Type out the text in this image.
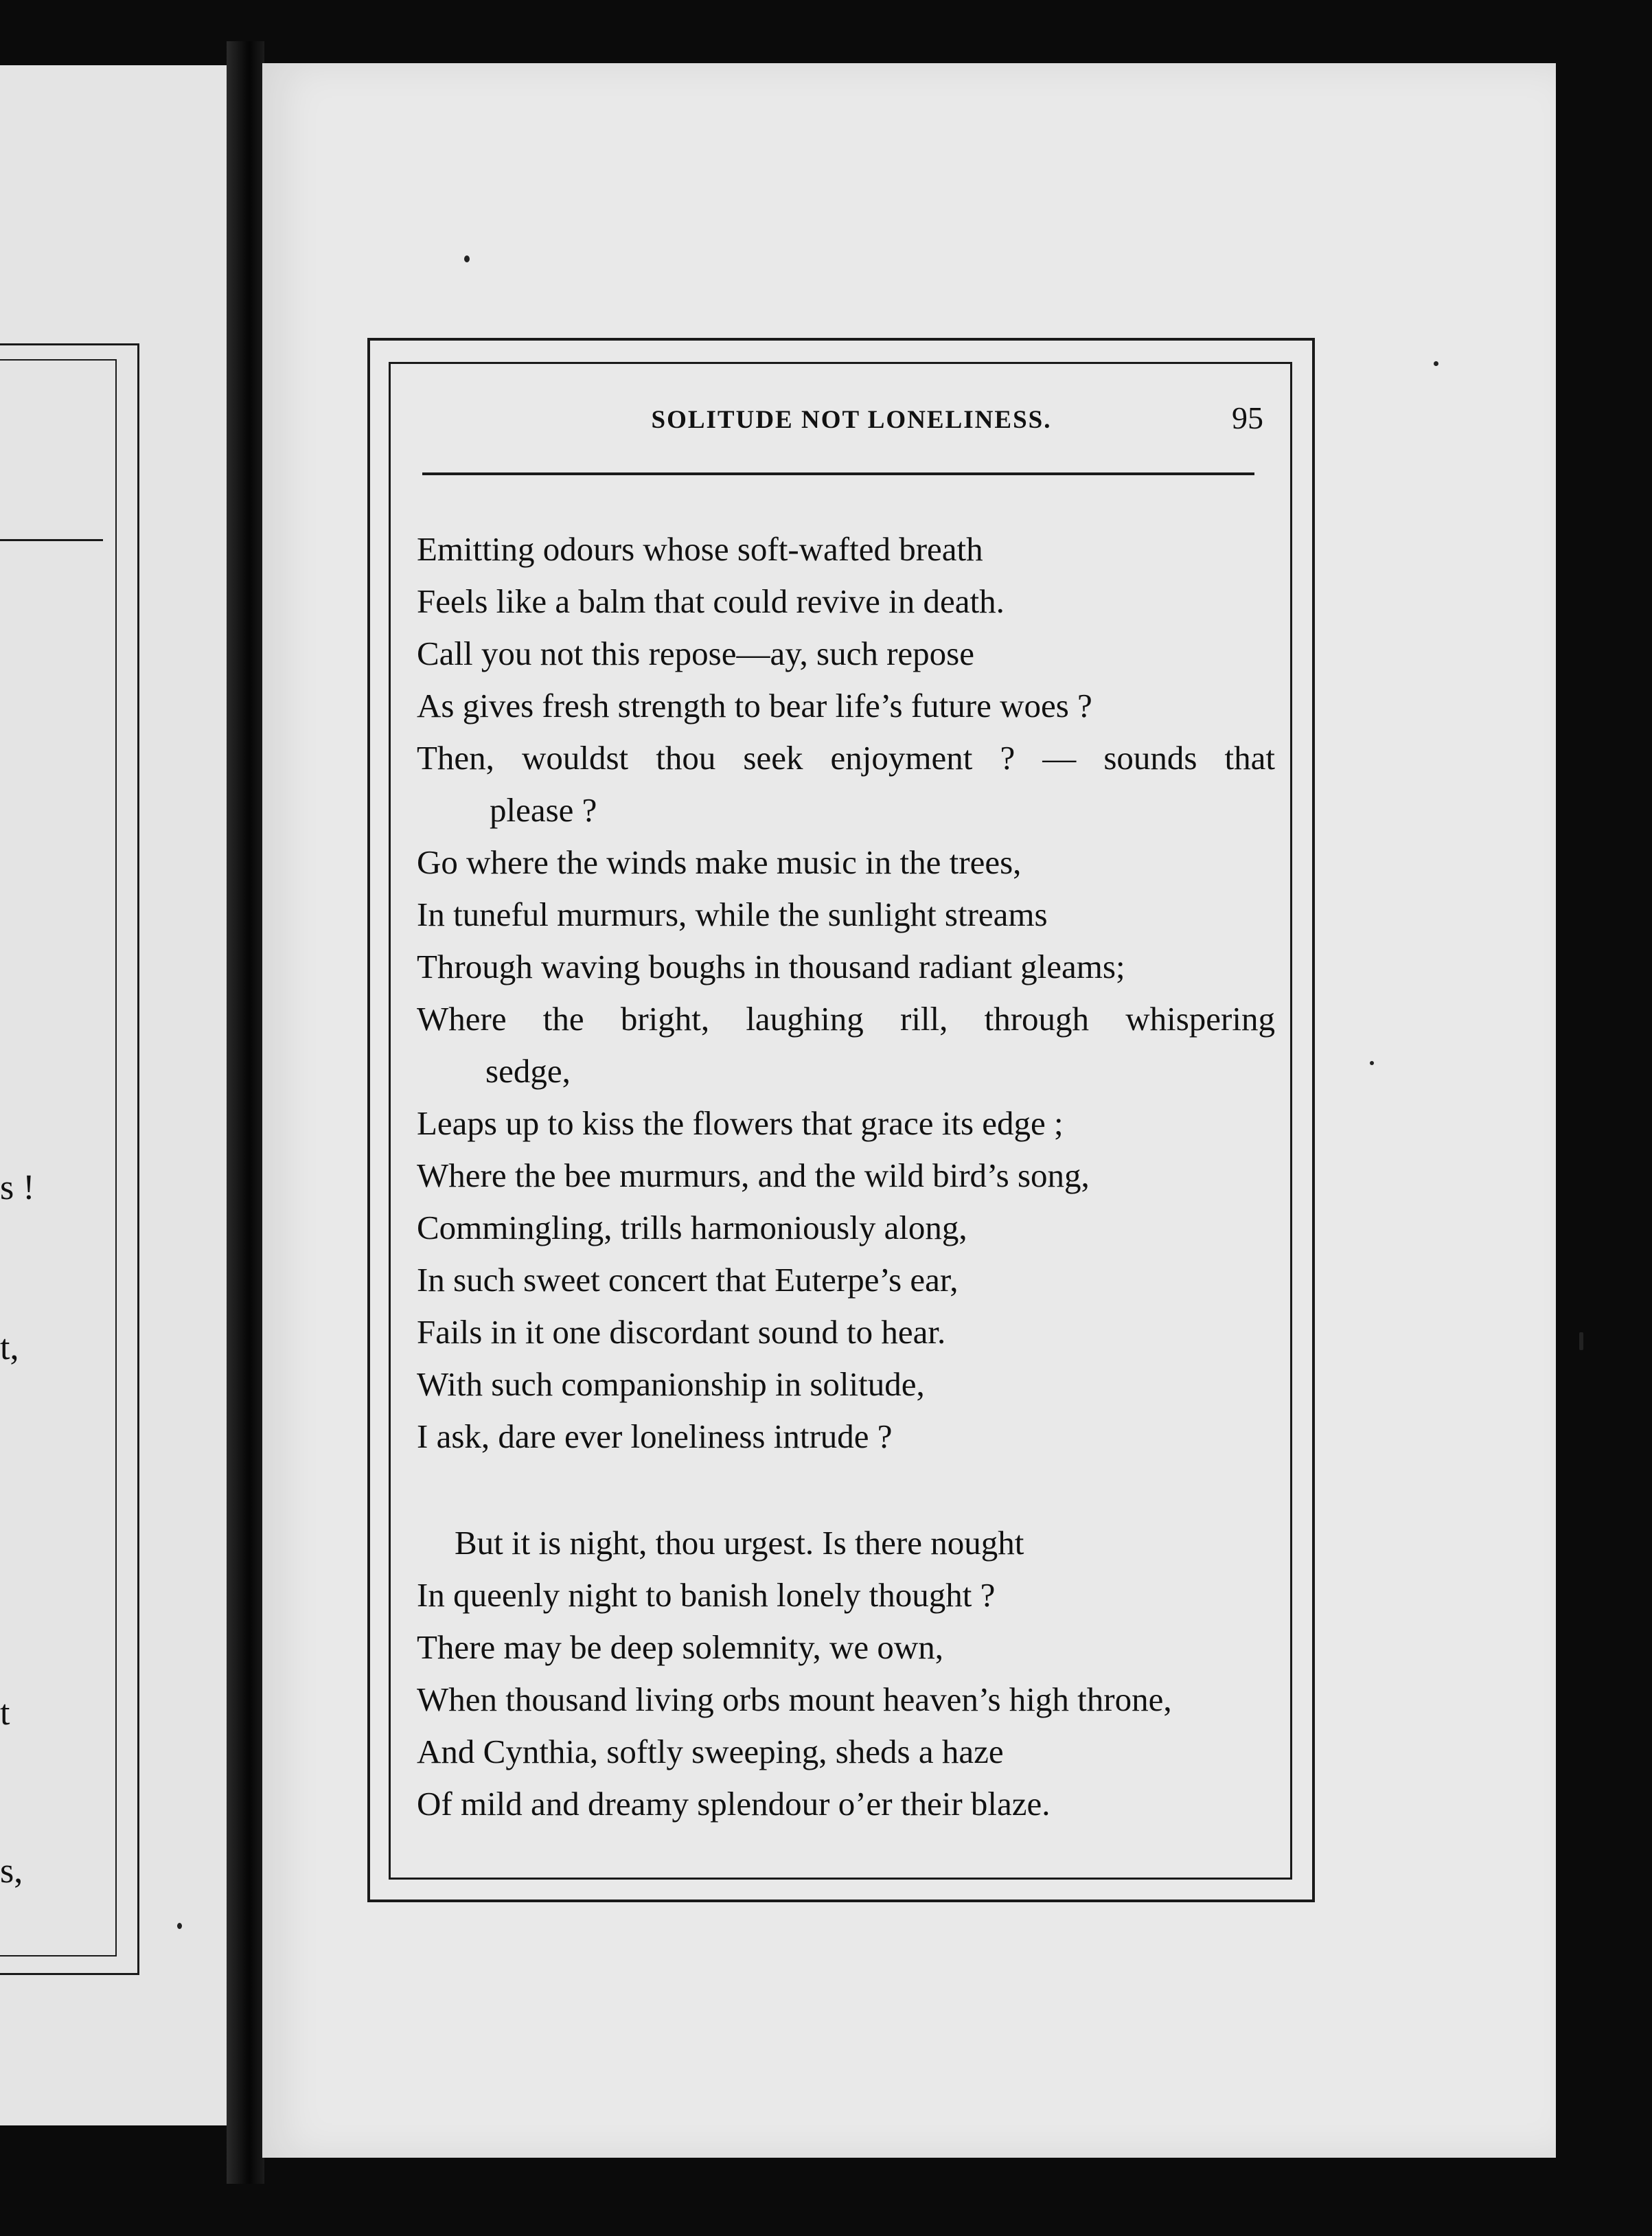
s !
t,
t
s,
SOLITUDE NOT LONELINESS.	95
Emitting odours whose soft-wafted breath
Feels like a balm that could revive in death.
Call you not this repose—ay, such repose
As gives fresh strength to bear life’s future woes ?
Then, wouldst thou seek enjoyment ? — sounds that
please ?
Go where the winds make music in the trees,
In tuneful murmurs, while the sunlight streams
Through waving boughs in thousand radiant gleams;
Where the bright, laughing rill, through whispering
sedge,
Leaps up to kiss the flowers that grace its edge ;
Where the bee murmurs, and the wild bird’s song,
Commingling, trills harmoniously along,
In such sweet concert that Euterpe’s ear,
Fails in it one discordant sound to hear.
With such companionship in solitude,
I ask, dare ever loneliness intrude ?
But it is night, thou urgest. Is there nought
In queenly night to banish lonely thought ?
There may be deep solemnity, we own,
When thousand living orbs mount heaven’s high throne,
And Cynthia, softly sweeping, sheds a haze
Of mild and dreamy splendour o’er their blaze.
